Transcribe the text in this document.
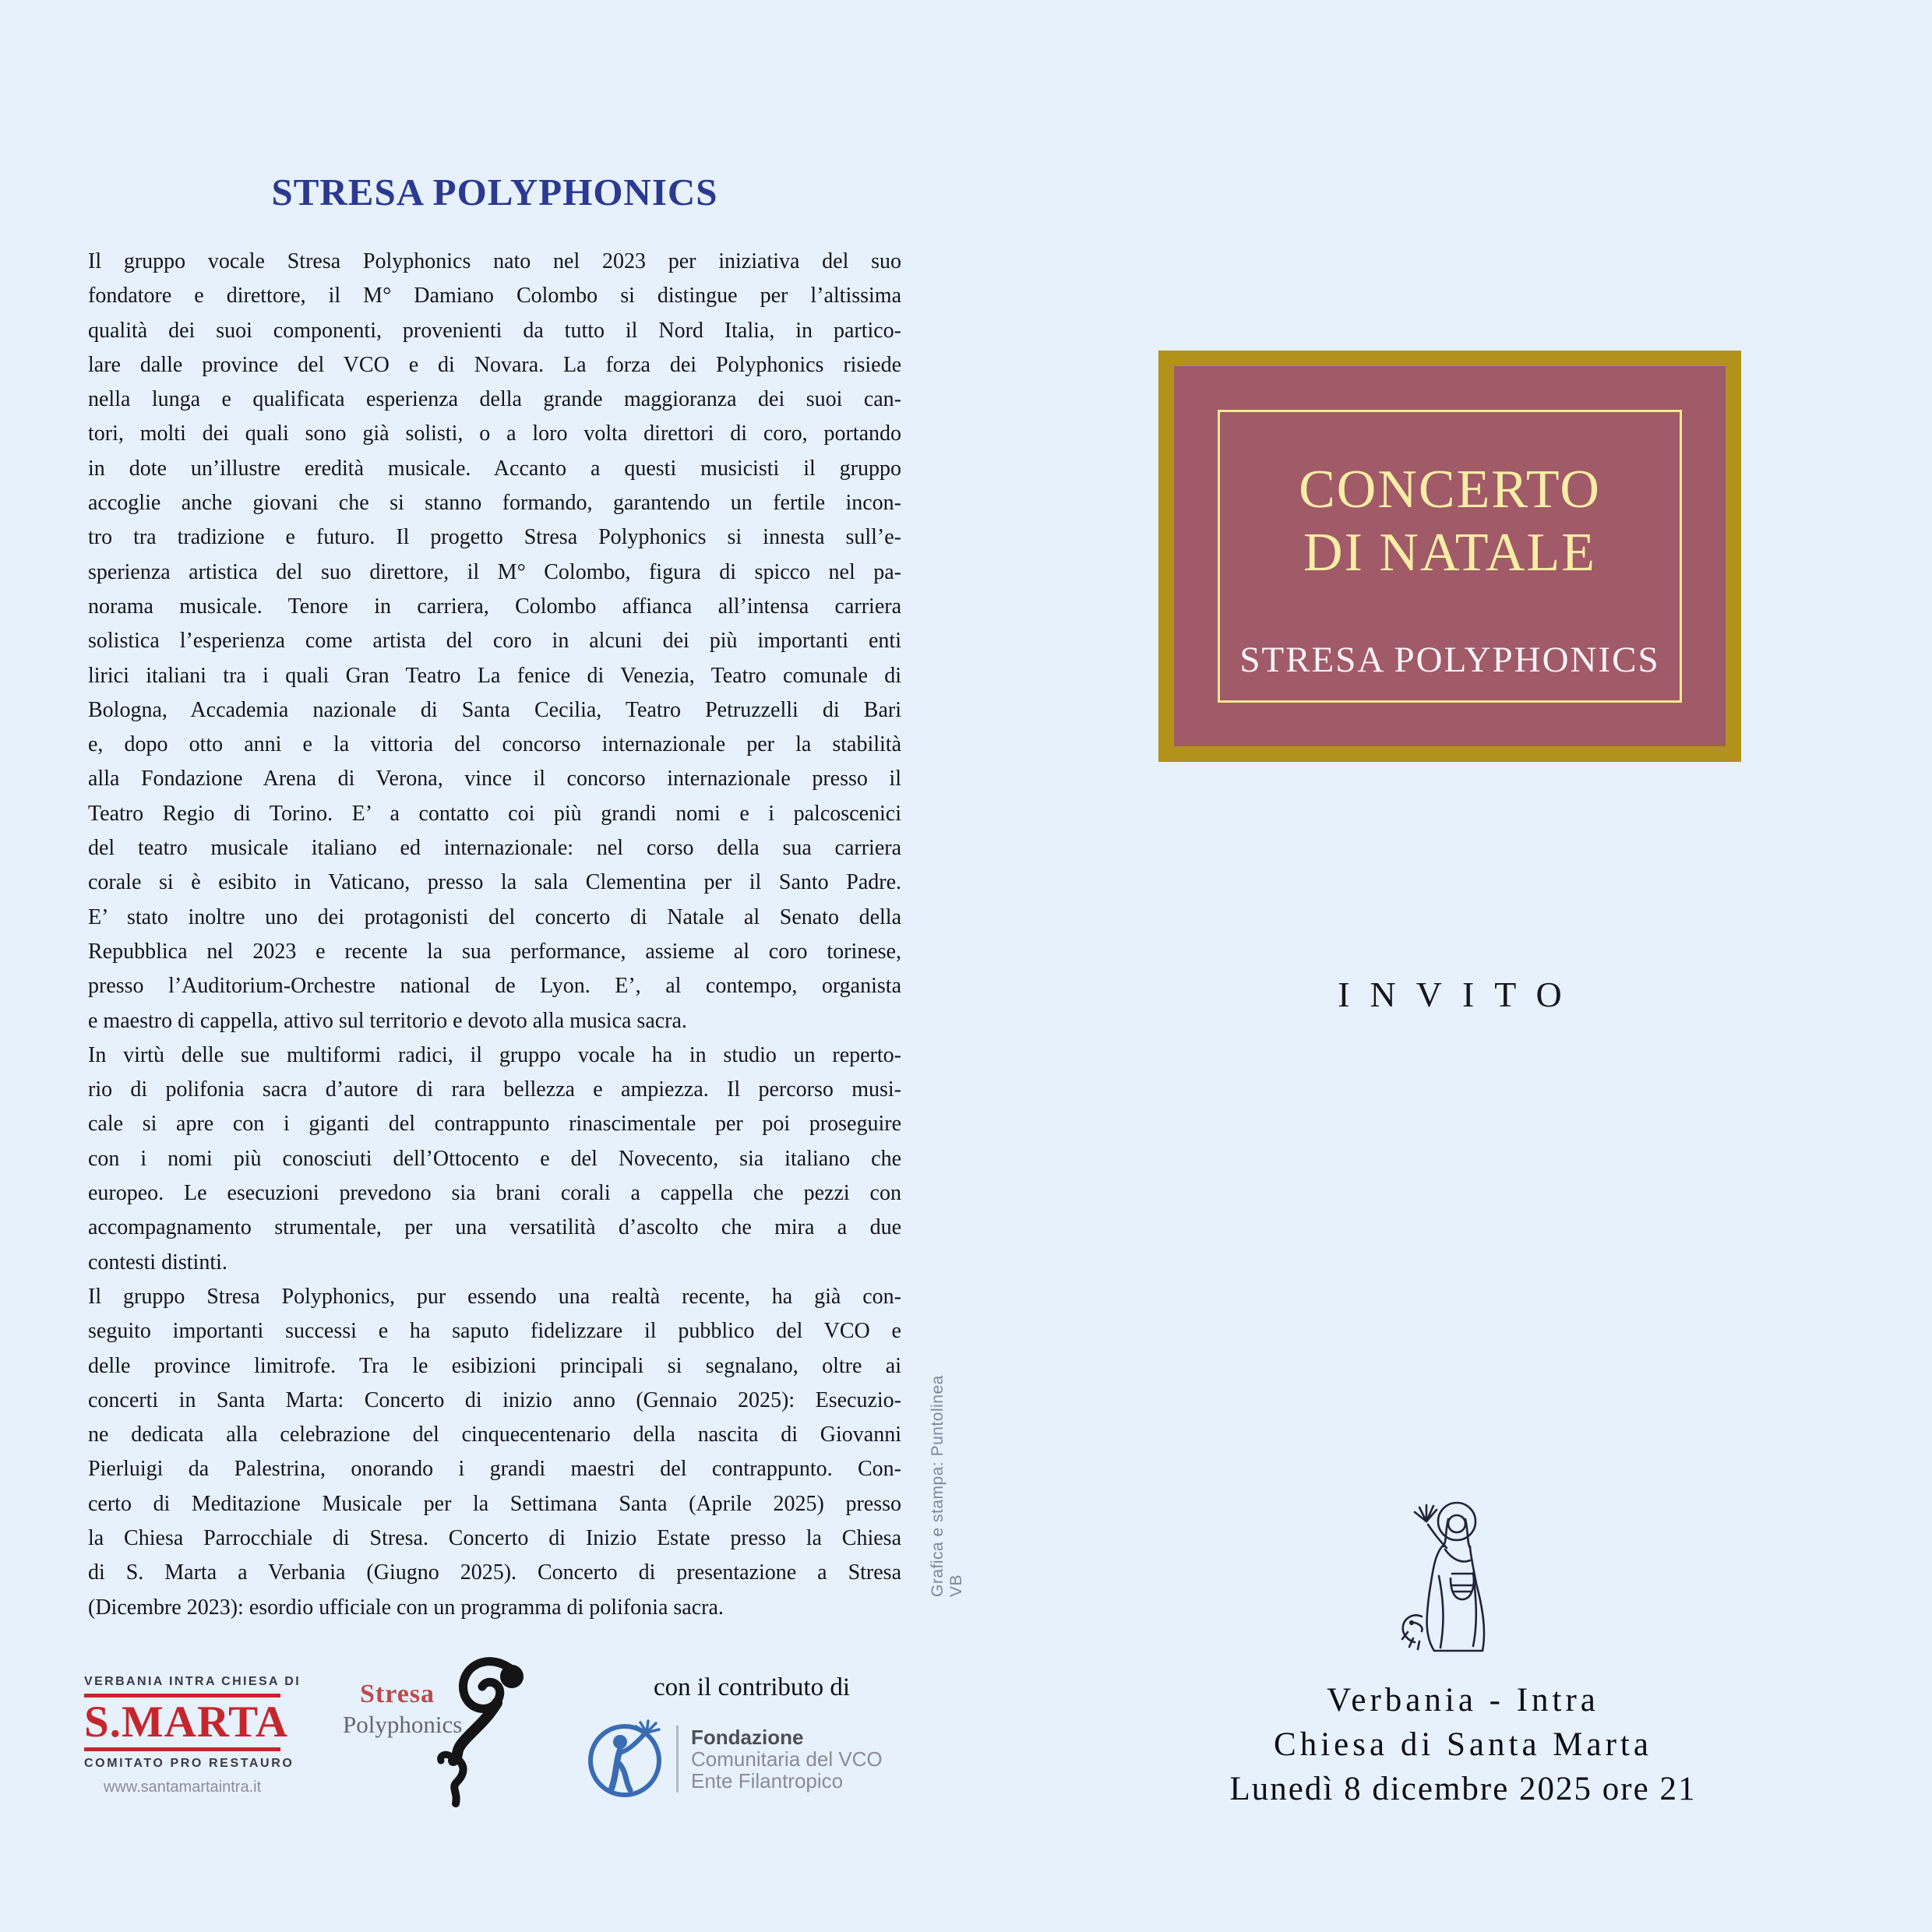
STRESA POLYPHONICS
Il gruppo vocale Stresa Polyphonics nato nel 2023 per iniziativa del suo
fondatore e direttore, il M° Damiano Colombo si distingue per l’altissima
qualità dei suoi componenti, provenienti da tutto il Nord Italia, in partico-
lare dalle province del VCO e di Novara. La forza dei Polyphonics risiede
nella lunga e qualificata esperienza della grande maggioranza dei suoi can-
tori, molti dei quali sono già solisti, o a loro volta direttori di coro, portando
in dote un’illustre eredità musicale. Accanto a questi musicisti il gruppo
accoglie anche giovani che si stanno formando, garantendo un fertile incon-
tro tra tradizione e futuro. Il progetto Stresa Polyphonics si innesta sull’e-
sperienza artistica del suo direttore, il M° Colombo, figura di spicco nel pa-
norama musicale. Tenore in carriera, Colombo affianca all’intensa carriera
solistica l’esperienza come artista del coro in alcuni dei più importanti enti
lirici italiani tra i quali Gran Teatro La fenice di Venezia, Teatro comunale di
Bologna, Accademia nazionale di Santa Cecilia, Teatro Petruzzelli di Bari
e, dopo otto anni e la vittoria del concorso internazionale per la stabilità
alla Fondazione Arena di Verona, vince il concorso internazionale presso il
Teatro Regio di Torino. E’ a contatto coi più grandi nomi e i palcoscenici
del teatro musicale italiano ed internazionale: nel corso della sua carriera
corale si è esibito in Vaticano, presso la sala Clementina per il Santo Padre.
E’ stato inoltre uno dei protagonisti del concerto di Natale al Senato della
Repubblica nel 2023 e recente la sua performance, assieme al coro torinese,
presso l’Auditorium-Orchestre national de Lyon. E’, al contempo, organista
e maestro di cappella, attivo sul territorio e devoto alla musica sacra.
In virtù delle sue multiformi radici, il gruppo vocale ha in studio un reperto-
rio di polifonia sacra d’autore di rara bellezza e ampiezza. Il percorso musi-
cale si apre con i giganti del contrappunto rinascimentale per poi proseguire
con i nomi più conosciuti dell’Ottocento e del Novecento, sia italiano che
europeo. Le esecuzioni prevedono sia brani corali a cappella che pezzi con
accompagnamento strumentale, per una versatilità d’ascolto che mira a due
contesti distinti.
Il gruppo Stresa Polyphonics, pur essendo una realtà recente, ha già con-
seguito importanti successi e ha saputo fidelizzare il pubblico del VCO e
delle province limitrofe. Tra le esibizioni principali si segnalano, oltre ai
concerti in Santa Marta: Concerto di inizio anno (Gennaio 2025): Esecuzio-
ne dedicata alla celebrazione del cinquecentenario della nascita di Giovanni
Pierluigi da Palestrina, onorando i grandi maestri del contrappunto. Con-
certo di Meditazione Musicale per la Settimana Santa (Aprile 2025) presso
la Chiesa Parrocchiale di Stresa. Concerto di Inizio Estate presso la Chiesa
di S. Marta a Verbania (Giugno 2025). Concerto di presentazione a Stresa
(Dicembre 2023): esordio ufficiale con un programma di polifonia sacra.
VERBANIA INTRA CHIESA DI
S.MARTA
COMITATO PRO RESTAURO
www.santamartaintra.it
Stresa
Polyphonics
con il contributo di
Fondazione
Comunitaria del VCO
Ente Filantropico
Grafica e stampa: Puntolinea VB
CONCERTO
DI NATALE
STRESA POLYPHONICS
INVITO
Verbania - Intra
Chiesa di Santa Marta
Lunedì 8 dicembre 2025 ore 21
